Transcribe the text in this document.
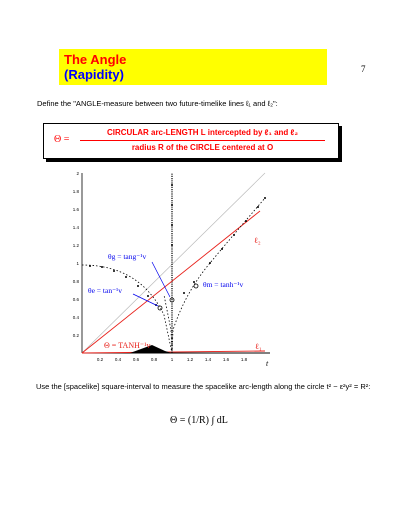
The Angle
(Rapidity)	7
Define the "ANGLE-measure between two future-timelike lines ℓ₁ and ℓ₂":
Θ =
CIRCULAR arc-LENGTH L intercepted by ℓ₁ and ℓ₂
radius R of the CIRCLE centered at O
0.2
0.4
0.6
0.8
1
1.2
1.4
1.6
1.8
2
0.2	0.4	0.6	0.8	1	1.2	1.4	1.6	1.8
θg = tang⁻¹v
θe = tan⁻¹v
θm = tanh⁻¹v
Θ = TANH⁻¹v
ℓ₂
ℓ₁
t
Use the [spacelike] square-interval to measure the spacelike arc-length along the circle t² − ε²y² = R²:
Θ = (1/R) ∫ dL
